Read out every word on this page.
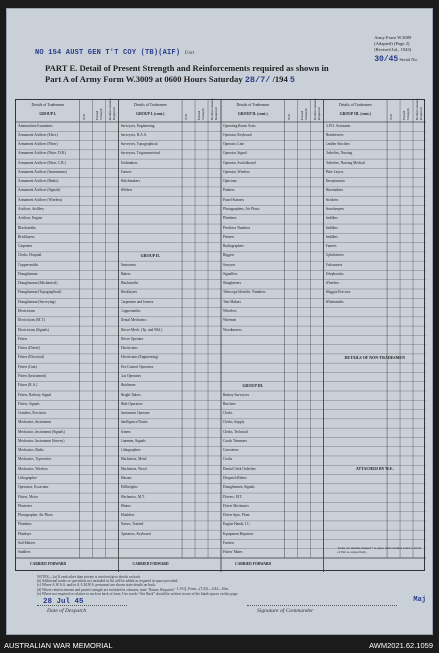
NO 154 AUST GEN T'T COY (TB)(AIF) Unit
Army Form W.3009
(Adapted) (Page 2)
(Revised Jul., 1943)
30/45 Serial No.
PART E. Detail of Present Strength and Reinforcements required as shown in
Part A of Army Form W.3009 at 0600 Hours Saturday 28/7/ /194 5
Details of Tradesmen
GROUP I.	W.E.	Posted Strength Reinforcements Required
Ammunition Examiners
Armament Artificer (Elect.)
Armament Artificer (Fitter)
Armament Artificer (Fitter, D.R.)
Armament Artificer (Fitter, C.R.)
Armament Artificer (Instruments)
Armament Artificer (Radio)
Armament Artificer (Signals)
Armament Artificer (Wireless)
Artificer, Artillery
Artificer, Engine
Blacksmiths
Bricklayers
Carpenter
Clerks, Hospital
Coppersmiths
Draughtsman
Draughtsman (Mechanical)
Draughtsman (Topographical)
Draughtsman (Surveying)
Electricians
Electricians (M.T.)
Electricians (Signals)
Fitters
Fitters (Diesel)
Fitters (Electrical)
Fitters (Gun)
Fitters (Instrument)
Fitters (R.A.)
Fitters, Railway Signal
Fitters, Signals
Grinders, Precision
Mechanics, Instrument
Mechanics, Instrument (Signals)
Mechanics, Instrument (Survey)
Mechanics, Radio
Mechanics, Typewriter
Mechanics, Wireless
Lithographer
Operators, Excavator
Fitters, Motor
Plasterers
Photographer, Air Photo
Plumbers
Platelaye
Sail Makers
Saddlers
CARRIED FORWARD
Details of Tradesmen
GROUP I. (cont.)	W.E.	Posted Strength Reinforcements Required
Surveyors, Engineering
Surveyors, R.A.A.
Surveyors, Topographical
Surveyors, Trigonometrical
Toolmakers
Turners
Watchmakers
Welders
GROUP II.
Armourers
Bakers
Blacksmiths
Bricklayers
Carpenters and Joiners
Coppersmiths
Dental Mechanics
Driver-Mech. (Tp. and Wkl.)
Driver Operator
Electricians
Electricians (Engineering)
Fire Control Operators
Gas Operators
Hutchmen
Height Takers
Hide Operators
Instrument Operator
Intelligence Duties
Joiners
Linemen, Signals
Lithographers
Machinists, Metal
Machinists, Wood
Masons
Millwrights
Mechanics, M.T.
Miners
Moulders
Nurses, Trained
Operators, Keyboard
CARRIED FORWARD
Details of Tradesmen
GROUP II. (cont.)	W.E.	Posted Strength Reinforcements Required
Operating Room Assts.
Operator, Keyboard
Operator, Line
Operator, Signal
Operator, Switchboard
Operator, Wireless
Opticians
Painters
Pastel Stainers
Photographers, Air Photo
Plumbers
Predictor Numbers
Printers
Radiographers
Riggers
Sawyers
Signallers
Slaughterers
Telescope Identific. Numbers
Tent Makers
Wheelers
Wiremen
Woodturners
GROUP III.
Battery Surveyors
Butchers
Clerks
Clerks, Supply
Clerks, Technical
Coach Trimmers
Concreters
Cooks
Dental Clerk Orderlies
Despatch Riders
Draughtsmen, Signals
Drivers, M.T.
Driver Mechanics
Driver Spec. Plant
Engine Hands, I.C.
Equipment Repairers
Farriers
Fitters' Mates
CARRIED FORWARD
Details of Tradesmen
GROUP III. (cont.)	W.E.	Posted Strength Reinforcements Required
G.P.O. Assistants
Hairdressers
Leather Stitchers
Orderlies, Nursing
Orderlies, Nursing Medical
Plate Layers
Receptionists
Shoemakers
Strickers
Storekeepers
Saddlers
Saddlers
Saddlers
Turners
Upholsterers
Vulcanisers
Telephonists
Wheelers
Waggon Erectors
Whitesmiths
Totals of columns marked * to agree with columns 4 and 5, and 8 of Part A, respectively.
DETAILS OF NON-TRADESMEN
ATTACHED BY W.E.
NOTES.—(a) If rank other than private is involved give details on back.
(b) Additional trades or specialists not included in list will be added as required in space provided.
(c) Where A.W.A.S. and/or A.A.M.W.S. personnel are shown state details on back.
(d) Where reinforcements and posted strength are included in columns, state ‘Nature, Required.’
(e) Where not required or relative to each on back of form. Use words “See Back” should be written in one of the blank spaces on this page.
L.H.Q. Form—(7/43)—2/44—10m.
28 Jul 45
Date of Despatch	Signature of Commander
Maj
AUSTRALIAN WAR MEMORIAL	AWM2021.62.1059
